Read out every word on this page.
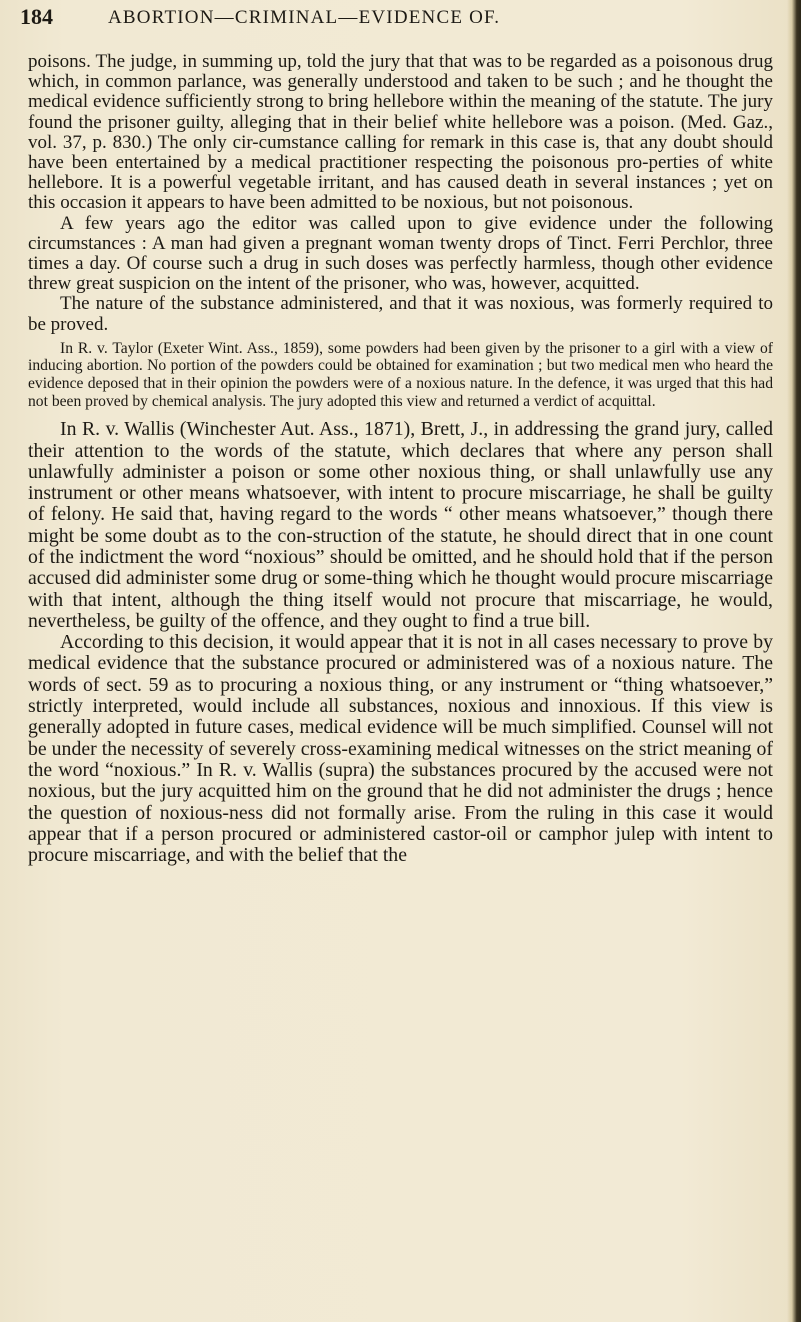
184	ABORTION—CRIMINAL—EVIDENCE OF.

poisons. The judge, in summing up, told the jury that that was to be regarded as a poisonous drug which, in common parlance, was generally understood and taken to be such ; and he thought the medical evidence sufficiently strong to bring hellebore within the meaning of the statute. The jury found the prisoner guilty, alleging that in their belief white hellebore was a poison. (Med. Gaz., vol. 37, p. 830.) The only cir-cumstance calling for remark in this case is, that any doubt should have been entertained by a medical practitioner respecting the poisonous pro-perties of white hellebore. It is a powerful vegetable irritant, and has caused death in several instances ; yet on this occasion it appears to have been admitted to be noxious, but not poisonous.

A few years ago the editor was called upon to give evidence under the following circumstances : A man had given a pregnant woman twenty drops of Tinct. Ferri Perchlor, three times a day. Of course such a drug in such doses was perfectly harmless, though other evidence threw great suspicion on the intent of the prisoner, who was, however, acquitted.

The nature of the substance administered, and that it was noxious, was formerly required to be proved.

In R. v. Taylor (Exeter Wint. Ass., 1859), some powders had been given by the prisoner to a girl with a view of inducing abortion. No portion of the powders could be obtained for examination ; but two medical men who heard the evidence deposed that in their opinion the powders were of a noxious nature. In the defence, it was urged that this had not been proved by chemical analysis. The jury adopted this view and returned a verdict of acquittal.

In R. v. Wallis (Winchester Aut. Ass., 1871), Brett, J., in addressing the grand jury, called their attention to the words of the statute, which declares that where any person shall unlawfully administer a poison or some other noxious thing, or shall unlawfully use any instrument or other means whatsoever, with intent to procure miscarriage, he shall be guilty of felony. He said that, having regard to the words “ other means whatsoever,” though there might be some doubt as to the con-struction of the statute, he should direct that in one count of the indictment the word “noxious” should be omitted, and he should hold that if the person accused did administer some drug or some-thing which he thought would procure miscarriage with that intent, although the thing itself would not procure that miscarriage, he would, nevertheless, be guilty of the offence, and they ought to find a true bill.

According to this decision, it would appear that it is not in all cases necessary to prove by medical evidence that the substance procured or administered was of a noxious nature. The words of sect. 59 as to procuring a noxious thing, or any instrument or “thing whatsoever,” strictly interpreted, would include all substances, noxious and innoxious. If this view is generally adopted in future cases, medical evidence will be much simplified. Counsel will not be under the necessity of severely cross-examining medical witnesses on the strict meaning of the word “noxious.” In R. v. Wallis (supra) the substances procured by the accused were not noxious, but the jury acquitted him on the ground that he did not administer the drugs ; hence the question of noxious-ness did not formally arise. From the ruling in this case it would appear that if a person procured or administered castor-oil or camphor julep with intent to procure miscarriage, and with the belief that the
